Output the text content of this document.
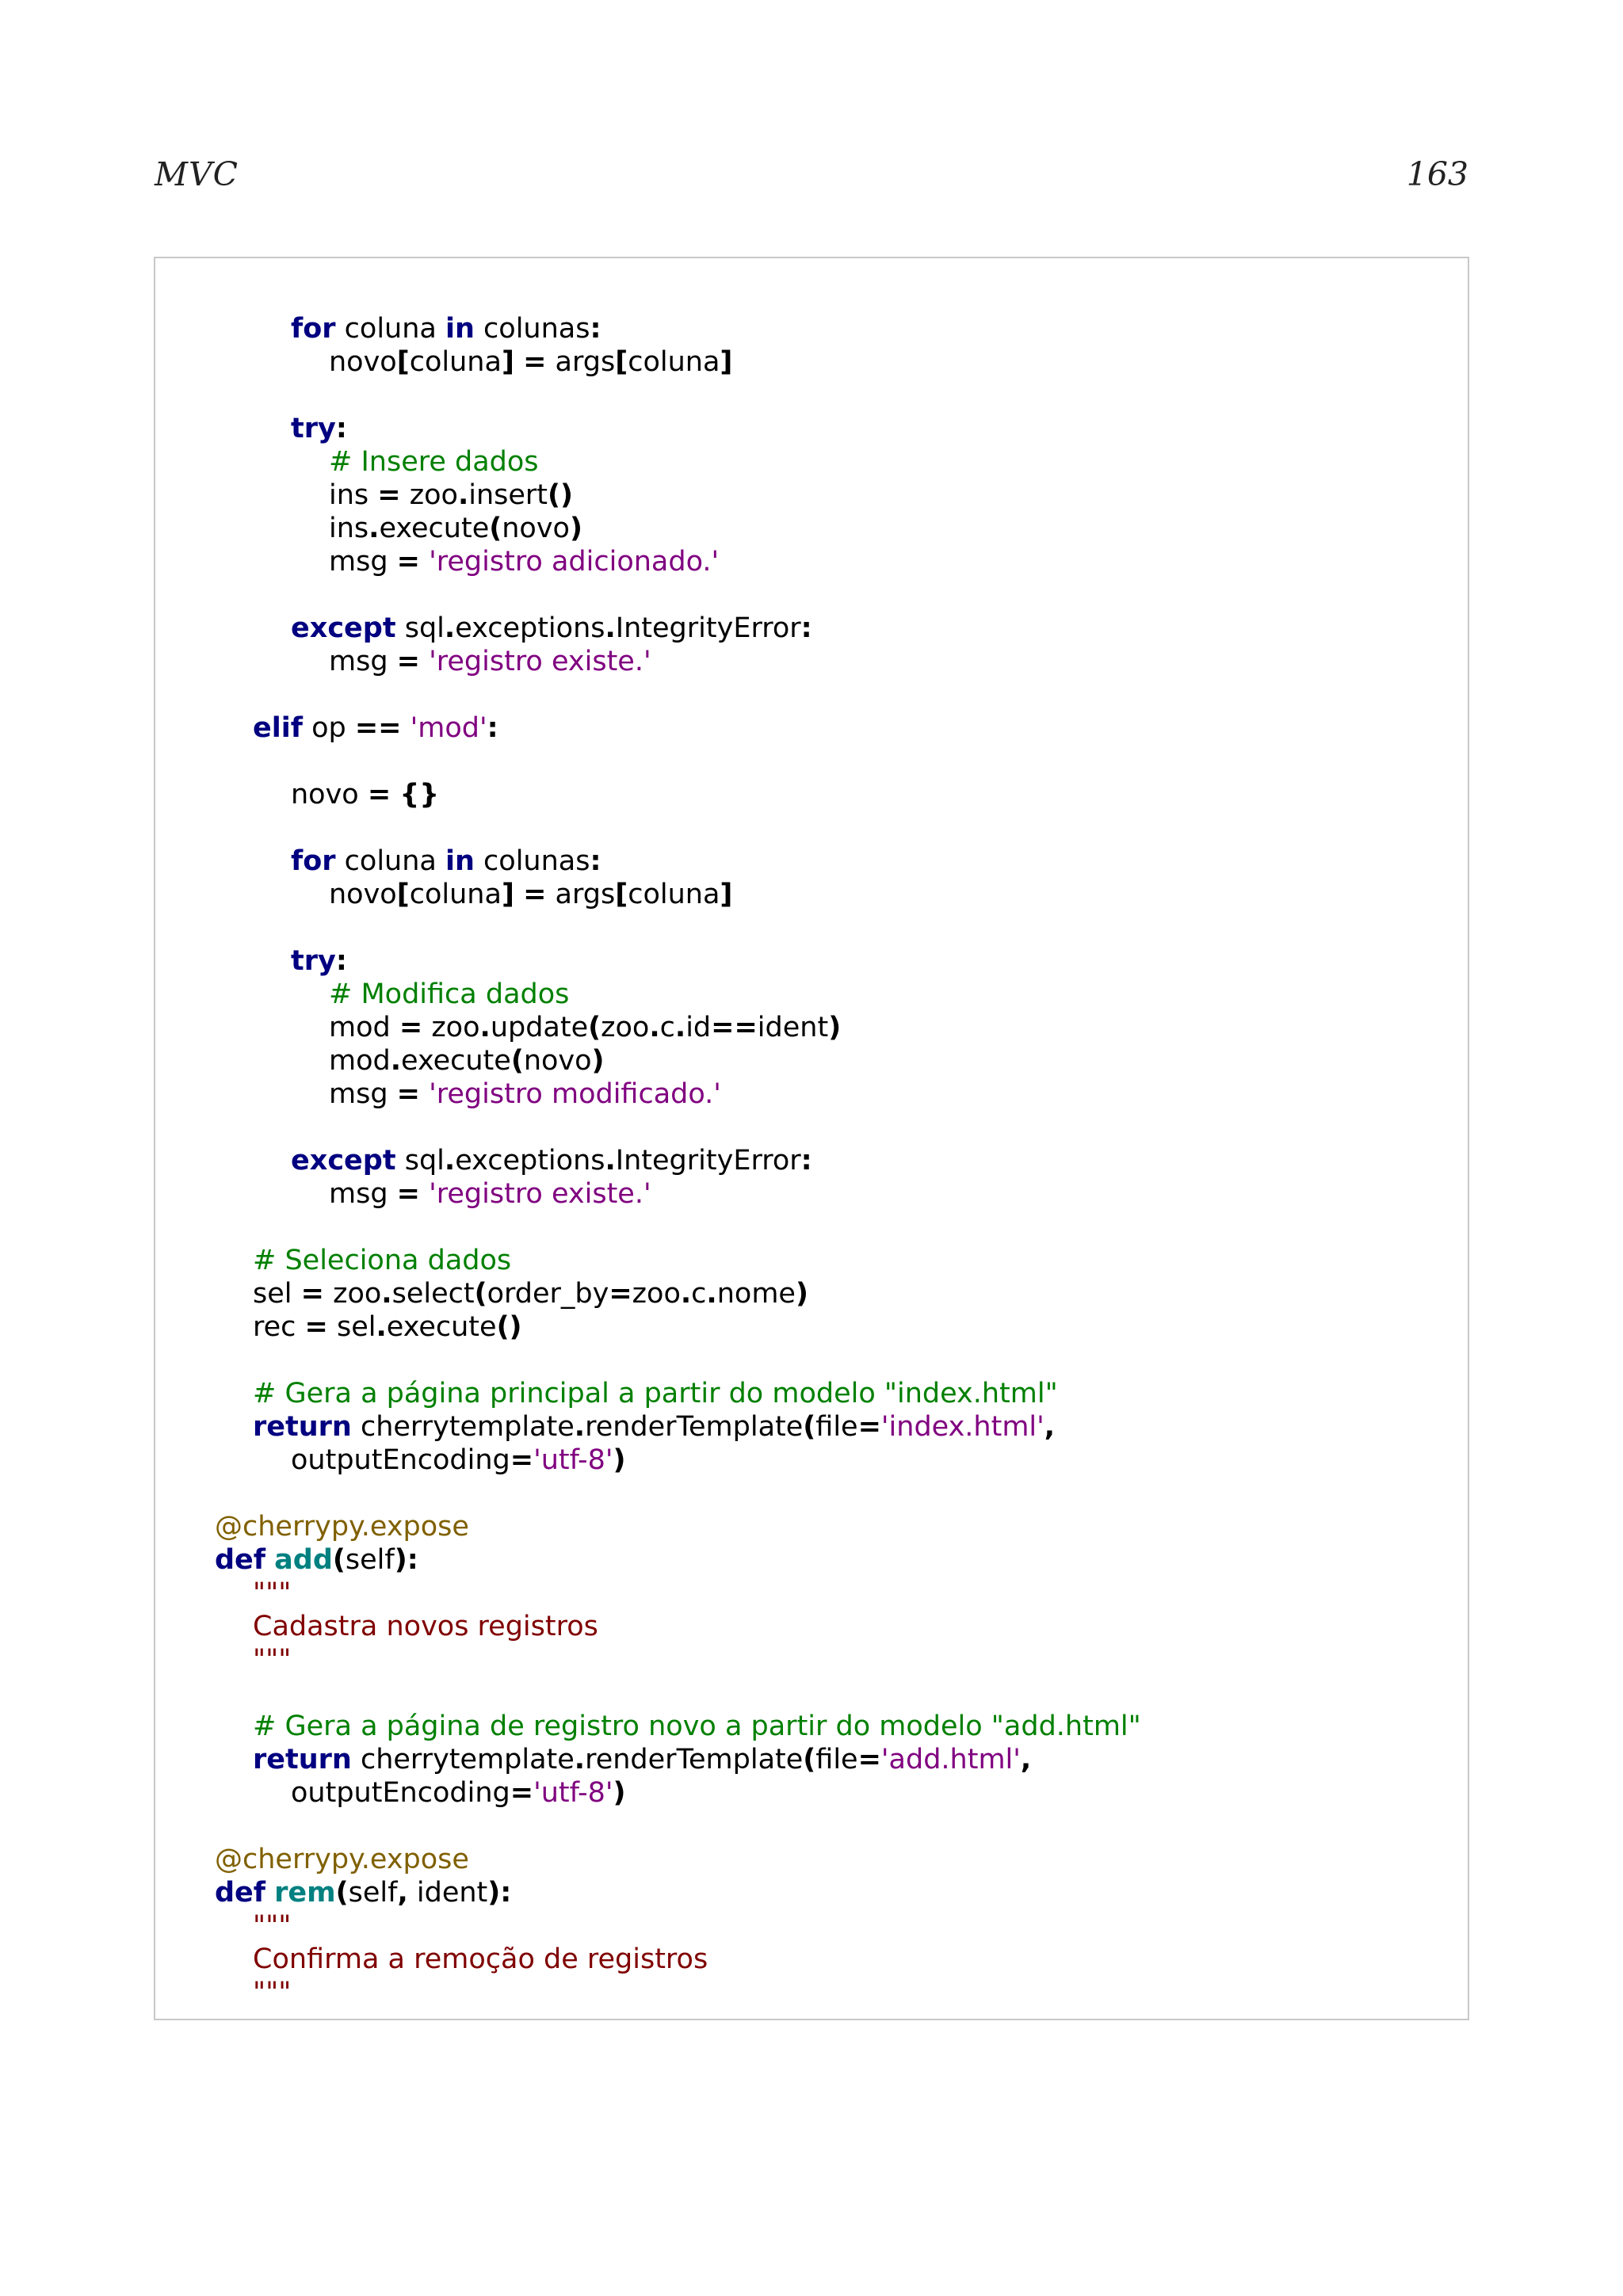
MVC	163
for coluna in colunas:
novo[coluna] = args[coluna]
try:
# Insere dados
ins = zoo.insert()
ins.execute(novo)
msg = 'registro adicionado.'
except sql.exceptions.IntegrityError:
msg = 'registro existe.'
elif op == 'mod':
novo = {}
for coluna in colunas:
novo[coluna] = args[coluna]
try:
# Modifica dados
mod = zoo.update(zoo.c.id==ident)
mod.execute(novo)
msg = 'registro modificado.'
except sql.exceptions.IntegrityError:
msg = 'registro existe.'
# Seleciona dados
sel = zoo.select(order_by=zoo.c.nome)
rec = sel.execute()
# Gera a página principal a partir do modelo "index.html"
return cherrytemplate.renderTemplate(file='index.html',
outputEncoding='utf-8')
@cherrypy.expose
def add(self):
"""
Cadastra novos registros
"""
# Gera a página de registro novo a partir do modelo "add.html"
return cherrytemplate.renderTemplate(file='add.html',
outputEncoding='utf-8')
@cherrypy.expose
def rem(self, ident):
"""
Confirma a remoção de registros
"""
